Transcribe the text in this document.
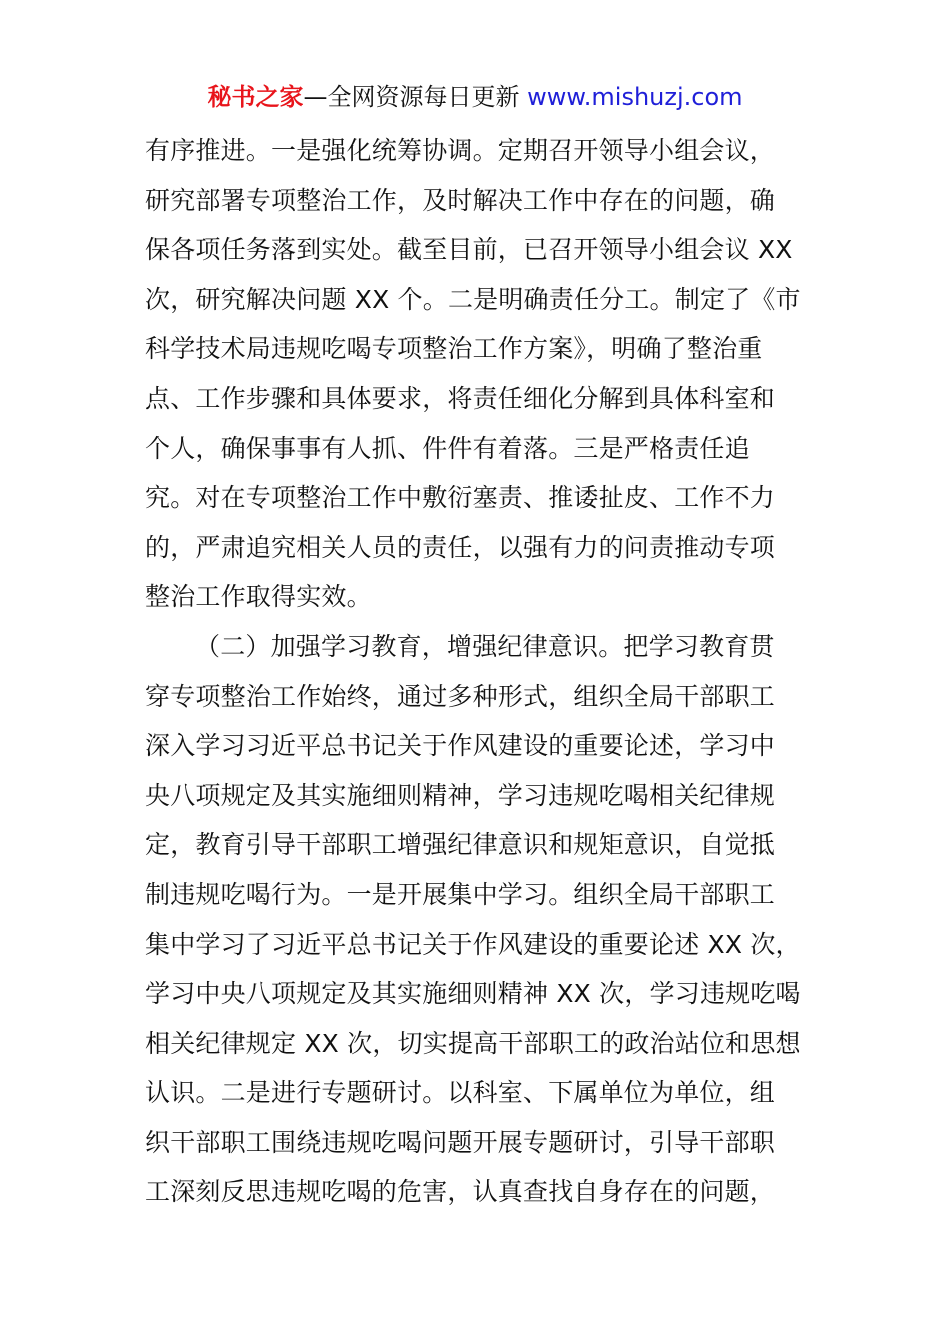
秘书之家—全网资源每日更新 www.mishuzj.com
有序推进。一是强化统筹协调。定期召开领导小组会议，
研究部署专项整治工作，及时解决工作中存在的问题，确
保各项任务落到实处。截至目前，已召开领导小组会议 XX
次，研究解决问题 XX 个。二是明确责任分工。制定了《市
科学技术局违规吃喝专项整治工作方案》，明确了整治重
点、工作步骤和具体要求，将责任细化分解到具体科室和
个人，确保事事有人抓、件件有着落。三是严格责任追
究。对在专项整治工作中敷衍塞责、推诿扯皮、工作不力
的，严肃追究相关人员的责任，以强有力的问责推动专项
整治工作取得实效。
（二）加强学习教育，增强纪律意识。把学习教育贯
穿专项整治工作始终，通过多种形式，组织全局干部职工
深入学习习近平总书记关于作风建设的重要论述，学习中
央八项规定及其实施细则精神，学习违规吃喝相关纪律规
定，教育引导干部职工增强纪律意识和规矩意识，自觉抵
制违规吃喝行为。一是开展集中学习。组织全局干部职工
集中学习了习近平总书记关于作风建设的重要论述 XX 次，
学习中央八项规定及其实施细则精神 XX 次，学习违规吃喝
相关纪律规定 XX 次，切实提高干部职工的政治站位和思想
认识。二是进行专题研讨。以科室、下属单位为单位，组
织干部职工围绕违规吃喝问题开展专题研讨，引导干部职
工深刻反思违规吃喝的危害，认真查找自身存在的问题，
